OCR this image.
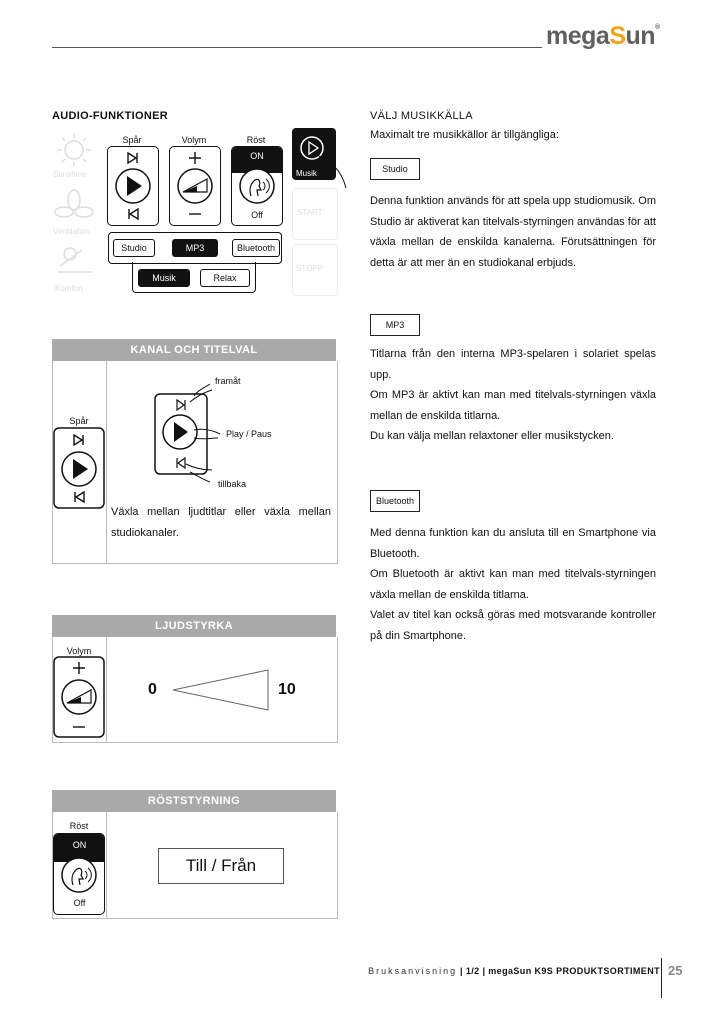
megaSun®
AUDIO-FUNKTIONER
Sunshine
Ventilation
Komfort
Spår	Volym	Röst
ON
Off
Studio	MP3	Bluetooth
Musik	Relax
Musik
START
STOPP
KANAL OCH TITELVAL
Spår
framåt
Play / Paus
tillbaka
Växla mellan ljudtitlar eller växla mellan studiokanaler.
LJUDSTYRKA
Volym
0	10
RÖSTSTYRNING
Röst
ON
Off
Till / Från
VÄLJ MUSIKKÄLLA
Maximalt tre musikkällor är tillgängliga:
Studio
Denna funktion används för att spela upp studiomusik. Om Studio är aktiverat kan titelvals-styrningen användas för att växla mellan de enskilda kanalerna. Förutsättningen för detta är att mer än en studiokanal erbjuds.
MP3
Titlarna från den interna MP3-spelaren i solariet spelas upp.
Om MP3 är aktivt kan man med titelvals-styrningen växla mellan de enskilda titlarna.
Du kan välja mellan relaxtoner eller musikstycken.
Bluetooth
Med denna funktion kan du ansluta till en Smartphone via Bluetooth.
Om Bluetooth är aktivt kan man med titelvals-styrningen växla mellan de enskilda titlarna.
Valet av titel kan också göras med motsvarande kontroller på din Smartphone.
Bruksanvisning | 1/2 | megaSun K9S PRODUKTSORTIMENT 25
